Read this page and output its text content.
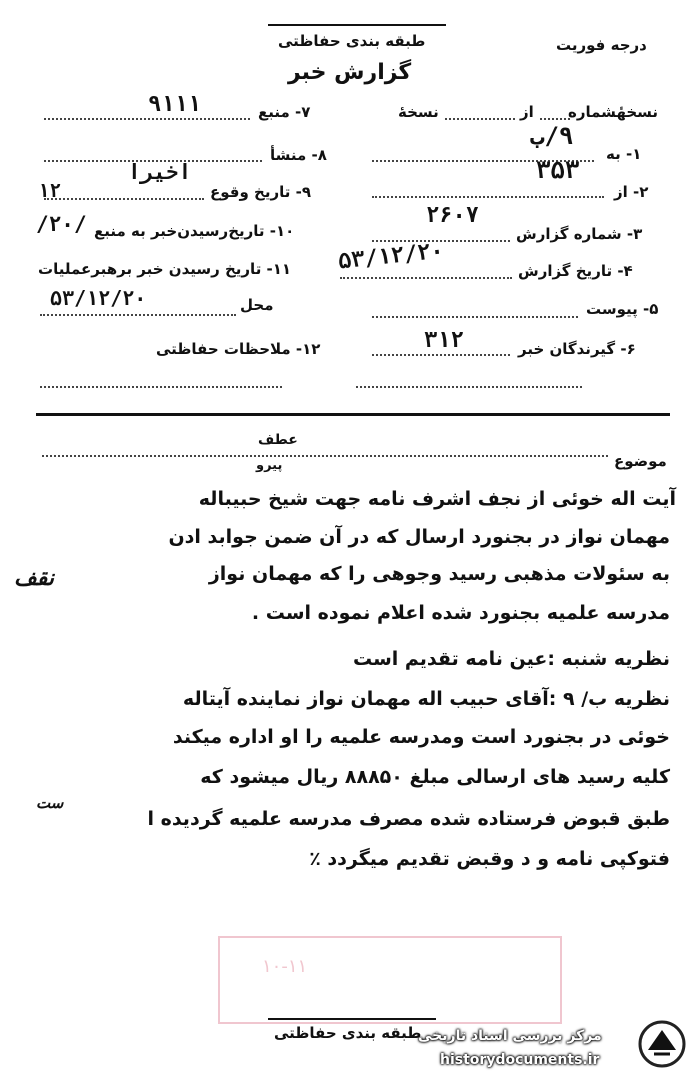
طبقه بندی حفاظتی	درجه فوریت
گزارش خبر
نسخهٔشماره
از
نسخهٔ
۱- به
۹/ب
۲- از
۳۵۳
۳- شماره گزارش
۲۶۰۷
۴- تاریخ گزارش
۵۳/۱۲/۲۰
۵- پیوست
۶- گیرندگان خبر
۳۱۲
۷- منبع
۹۱۱۱
۸- منشأ
۹- تاریخ وقوع
اخیرا
۱۲
۱۰- تاریخ‌رسیدن‌خبر به منبع
/۲۰/
۱۱- تاریخ رسیدن خبر برهبرعملیات
محل
۵۳/۱۲/۲۰
۱۲- ملاحظات حفاظتی
موضوع
عطف
پیرو
آیت اله خوئی از نجف اشرف نامه جهت شیخ حبیباله
مهمان نواز در بجنورد ارسال که در آن ضمن جوابد ادن
به سئولات مذهبی رسید وجوهی را که مهمان نواز
نقف
مدرسه علمیه بجنورد شده اعلام نموده است .
نظریه شنبه :عین نامه تقدیم است
نظریه ب/ ۹ :آقای حبیب اله مهمان نواز نماینده آیتاله
خوئی در بجنورد است ومدرسه علمیه را او اداره میکند
کلیه رسید های ارسالی مبلغ ۸۸۸۵۰ ریال میشود که
ست
طبق قبوض فرستاده شده مصرف مدرسه علمیه گردیده ا
فتوکپی نامه و د وقبض تقدیم میگردد ٪
۱۰-۱۱
طبقه بندی حفاظتی
مرکز بررسی اسناد تاریخی
historydocuments.ir
